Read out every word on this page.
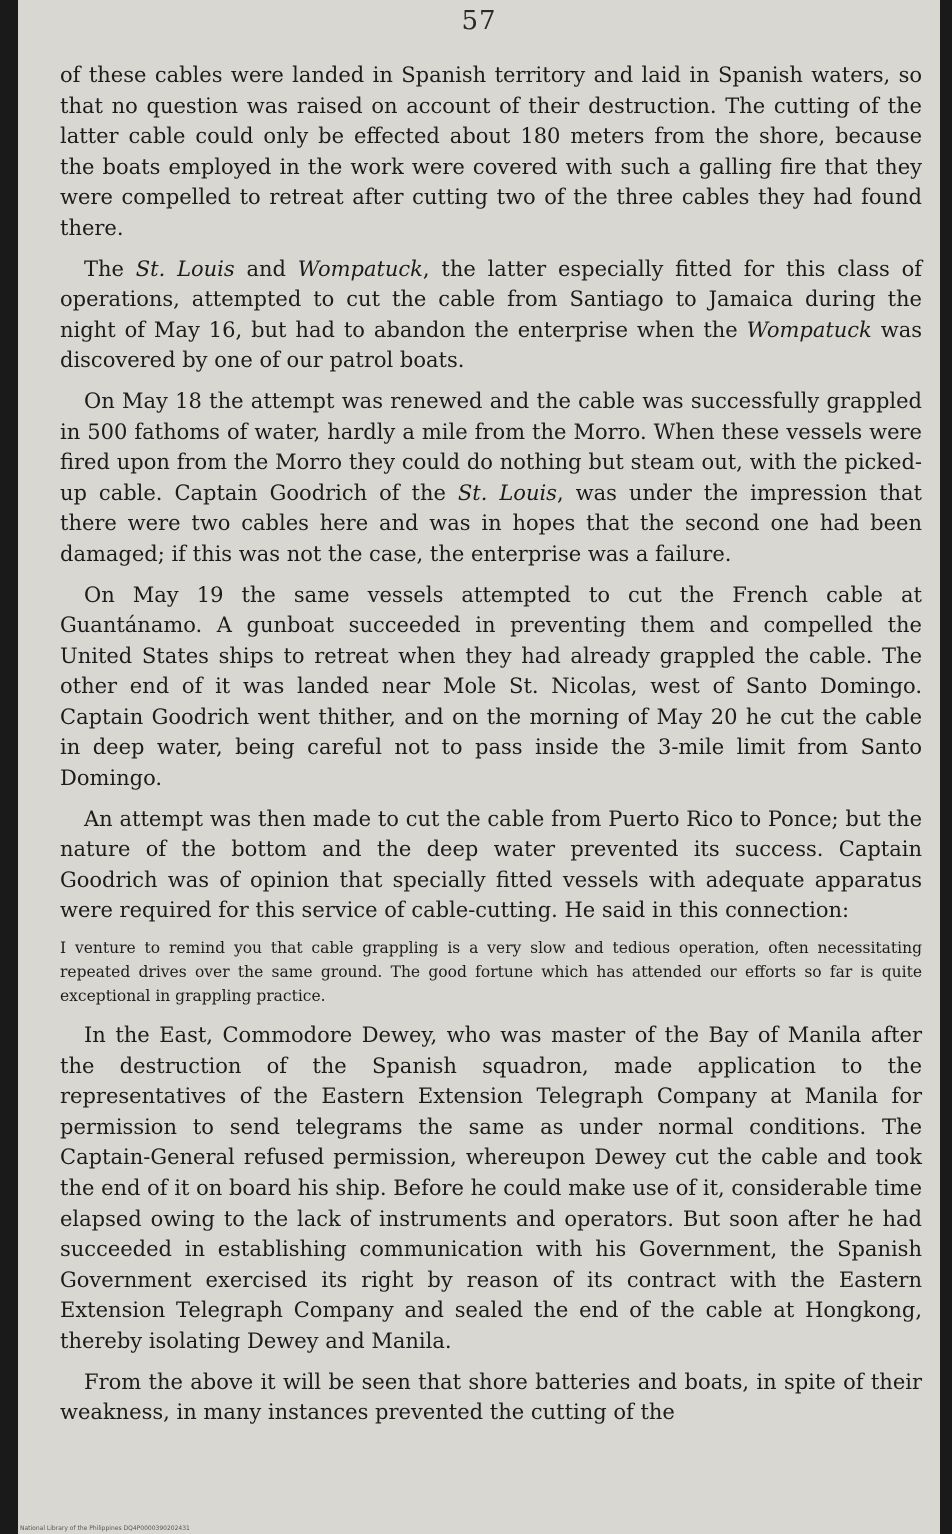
57

of these cables were landed in Spanish territory and laid in Spanish waters, so that no question was raised on account of their destruction. The cutting of the latter cable could only be effected about 180 meters from the shore, because the boats employed in the work were covered with such a galling fire that they were compelled to retreat after cutting two of the three cables they had found there.

The St. Louis and Wompatuck, the latter especially fitted for this class of operations, attempted to cut the cable from Santiago to Jamaica during the night of May 16, but had to abandon the enterprise when the Wompatuck was discovered by one of our patrol boats.

On May 18 the attempt was renewed and the cable was successfully grappled in 500 fathoms of water, hardly a mile from the Morro. When these vessels were fired upon from the Morro they could do nothing but steam out, with the picked-up cable. Captain Goodrich of the St. Louis, was under the impression that there were two cables here and was in hopes that the second one had been damaged; if this was not the case, the enterprise was a failure.

On May 19 the same vessels attempted to cut the French cable at Guantánamo. A gunboat succeeded in preventing them and compelled the United States ships to retreat when they had already grappled the cable. The other end of it was landed near Mole St. Nicolas, west of Santo Domingo. Captain Goodrich went thither, and on the morning of May 20 he cut the cable in deep water, being careful not to pass inside the 3-mile limit from Santo Domingo.

An attempt was then made to cut the cable from Puerto Rico to Ponce; but the nature of the bottom and the deep water prevented its success. Captain Goodrich was of opinion that specially fitted vessels with adequate apparatus were required for this service of cable-cutting. He said in this connection:

I venture to remind you that cable grappling is a very slow and tedious operation, often necessitating repeated drives over the same ground. The good fortune which has attended our efforts so far is quite exceptional in grappling practice.

In the East, Commodore Dewey, who was master of the Bay of Manila after the destruction of the Spanish squadron, made application to the representatives of the Eastern Extension Telegraph Company at Manila for permission to send telegrams the same as under normal conditions. The Captain-General refused permission, whereupon Dewey cut the cable and took the end of it on board his ship. Before he could make use of it, considerable time elapsed owing to the lack of instruments and operators. But soon after he had succeeded in establishing communication with his Government, the Spanish Government exercised its right by reason of its contract with the Eastern Extension Telegraph Company and sealed the end of the cable at Hongkong, thereby isolating Dewey and Manila.

From the above it will be seen that shore batteries and boats, in spite of their weakness, in many instances prevented the cutting of the

National Library of the Philippines DQ4P0000390202431
